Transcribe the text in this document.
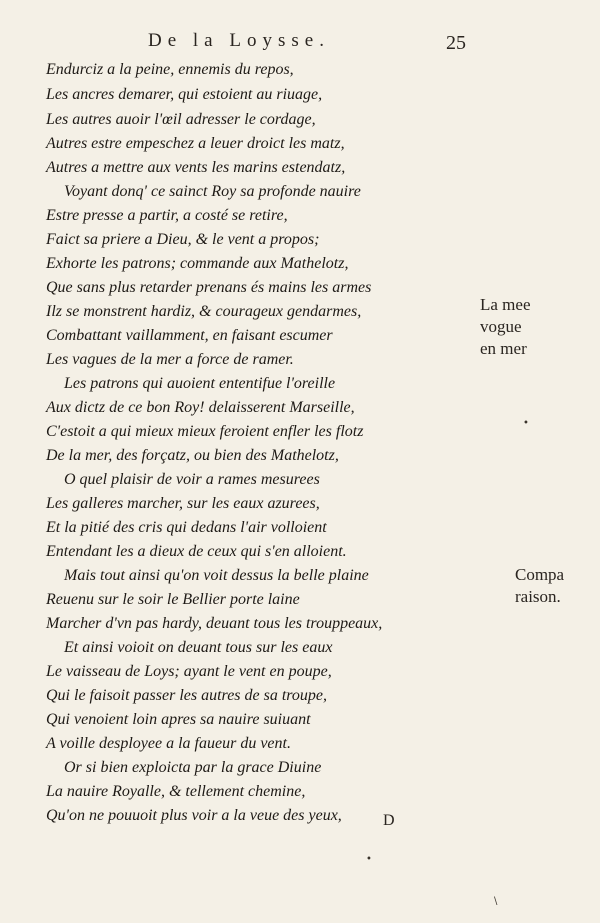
De la Loysse.	25
Endurciz a la peine, ennemis du repos,
Les ancres demarer, qui estoient au riuage,
Les autres auoir l'œil adresser le cordage,
Autres estre empeschez a leuer droict les matz,
Autres a mettre aux vents les marins estendatz,
Voyant donq' ce sainct Roy sa profonde nauire
Estre presse a partir, a costé se retire,
Faict sa priere a Dieu, & le vent a propos;
Exhorte les patrons; commande aux Mathelotz,
Que sans plus retarder prenans és mains les armes
Ilz se monstrent hardiz, & courageux gendarmes,
Combattant vaillamment, en faisant escumer
Les vagues de la mer a force de ramer.
Les patrons qui auoient ententifue l'oreille
Aux dictz de ce bon Roy! delaisserent Marseille,
C'estoit a qui mieux mieux feroient enfler les flotz
De la mer, des forçatz, ou bien des Mathelotz,
O quel plaisir de voir a rames mesurees
Les galleres marcher, sur les eaux azurees,
Et la pitié des cris qui dedans l'air volloient
Entendant les a dieux de ceux qui s'en alloient.
Mais tout ainsi qu'on voit dessus la belle plaine
Reuenu sur le soir le Bellier porte laine
Marcher d'vn pas hardy, deuant tous les trouppeaux,
Et ainsi voioit on deuant tous sur les eaux
Le vaisseau de Loys; ayant le vent en poupe,
Qui le faisoit passer les autres de sa troupe,
Qui venoient loin apres sa nauire suiuant
A voille desployee a la faueur du vent.
Or si bien exploicta par la grace Diuine
La nauire Royalle, & tellement chemine,
Qu'on ne pouuoit plus voir a la veue des yeux,
La mee
vogue
en mer
Compa
raison.
D
•
•
\
